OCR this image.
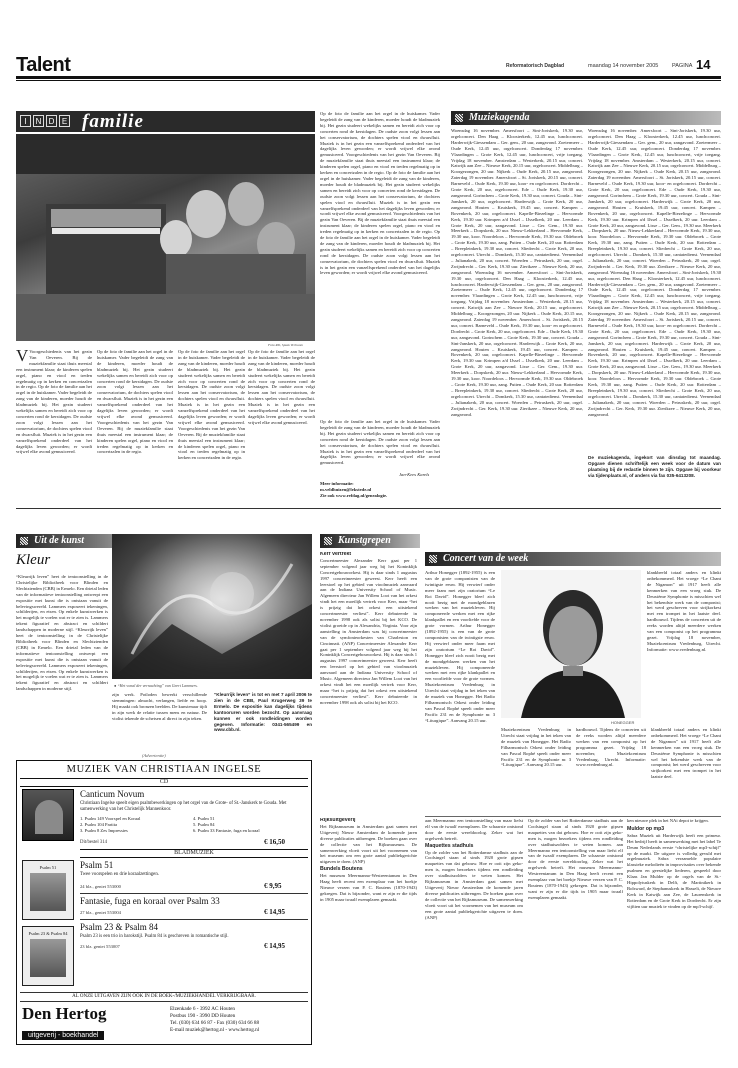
Talent	Reformatorisch Dagblad	maandag 14 november 2005 PAGINA 14
I	N D E familie
Foto RD, Sjaak Verboom
V Voorgeschiedenis van het gezin Van Oeveren. Bij de muziekfamilie staat thuis meestal een instrument klaar; de kinderen spelen orgel, piano en viool en treden regelmatig op in kerken en concertzalen in de regio. Op de foto de familie aan het orgel in de huiskamer. Vader begeleidt de zang van de kinderen, moeder houdt de bladmuziek bij. Het gezin studeert wekelijks samen en bereidt zich voor op concerten rond de kerstdagen. De oudste zoon volgt lessen aan het conservatorium, de dochters spelen viool en dwarsfluit. Muziek is in het gezin een vanzelfsprekend onderdeel van het dagelijks leven geworden; er wordt vrijwel elke avond gemusiceerd.
Op de foto de familie aan het orgel in de huiskamer. Vader begeleidt de zang van de kinderen, moeder houdt de bladmuziek bij. Het gezin studeert wekelijks samen en bereidt zich voor op concerten rond de kerstdagen. De oudste zoon volgt lessen aan het conservatorium, de dochters spelen viool en dwarsfluit. Muziek is in het gezin een vanzelfsprekend onderdeel van het dagelijks leven geworden; er wordt vrijwel elke avond gemusiceerd. Voorgeschiedenis van het gezin Van Oeveren. Bij de muziekfamilie staat thuis meestal een instrument klaar; de kinderen spelen orgel, piano en viool en treden regelmatig op in kerken en concertzalen in de regio.
Op de foto de familie aan het orgel in de huiskamer. Vader begeleidt de zang van de kinderen, moeder houdt de bladmuziek bij. Het gezin studeert wekelijks samen en bereidt zich voor op concerten rond de kerstdagen. De oudste zoon volgt lessen aan het conservatorium, de dochters spelen viool en dwarsfluit. Muziek is in het gezin een vanzelfsprekend onderdeel van het dagelijks leven geworden; er wordt vrijwel elke avond gemusiceerd. Voorgeschiedenis van het gezin Van Oeveren. Bij de muziekfamilie staat thuis meestal een instrument klaar; de kinderen spelen orgel, piano en viool en treden regelmatig op in kerken en concertzalen in de regio.
Op de foto de familie aan het orgel in de huiskamer. Vader begeleidt de zang van de kinderen, moeder houdt de bladmuziek bij. Het gezin studeert wekelijks samen en bereidt zich voor op concerten rond de kerstdagen. De oudste zoon volgt lessen aan het conservatorium, de dochters spelen viool en dwarsfluit. Muziek is in het gezin een vanzelfsprekend onderdeel van het dagelijks leven geworden; er wordt vrijwel elke avond gemusiceerd.
Op de foto de familie aan het orgel in de huiskamer. Vader begeleidt de zang van de kinderen, moeder houdt de bladmuziek bij. Het gezin studeert wekelijks samen en bereidt zich voor op concerten rond de kerstdagen. De oudste zoon volgt lessen aan het conservatorium, de dochters spelen viool en dwarsfluit. Muziek is in het gezin een vanzelfsprekend onderdeel van het dagelijks leven geworden; er wordt vrijwel elke avond gemusiceerd. Voorgeschiedenis van het gezin Van Oeveren. Bij de muziekfamilie staat thuis meestal een instrument klaar; de kinderen spelen orgel, piano en viool en treden regelmatig op in kerken en concertzalen in de regio. Op de foto de familie aan het orgel in de huiskamer. Vader begeleidt de zang van de kinderen, moeder houdt de bladmuziek bij. Het gezin studeert wekelijks samen en bereidt zich voor op concerten rond de kerstdagen. De oudste zoon volgt lessen aan het conservatorium, de dochters spelen viool en dwarsfluit. Muziek is in het gezin een vanzelfsprekend onderdeel van het dagelijks leven geworden; er wordt vrijwel elke avond gemusiceerd. Voorgeschiedenis van het gezin Van Oeveren. Bij de muziekfamilie staat thuis meestal een instrument klaar; de kinderen spelen orgel, piano en viool en treden regelmatig op in kerken en concertzalen in de regio. Op de foto de familie aan het orgel in de huiskamer. Vader begeleidt de zang van de kinderen, moeder houdt de bladmuziek bij. Het gezin studeert wekelijks samen en bereidt zich voor op concerten rond de kerstdagen. De oudste zoon volgt lessen aan het conservatorium, de dochters spelen viool en dwarsfluit. Muziek is in het gezin een vanzelfsprekend onderdeel van het dagelijks leven geworden; er wordt vrijwel elke avond gemusiceerd.
Op de foto de familie aan het orgel in de huiskamer. Vader begeleidt de zang van de kinderen, moeder houdt de bladmuziek bij. Het gezin studeert wekelijks samen en bereidt zich voor op concerten rond de kerstdagen. De oudste zoon volgt lessen aan het conservatorium, de dochters spelen viool en dwarsfluit. Muziek is in het gezin een vanzelfsprekend onderdeel van het dagelijks leven geworden; er wordt vrijwel elke avond gemusiceerd.
Jan-Kees Karels
Meer informatie:
m.veldhuizen@lekstede.nl
Zie ook www.refdag.nl/genealogie.
Muziekagenda
Woensdag 16 november. Amersfoort – Sint-Joriskerk, 19.30 uur, orgelconcert. Den Haag – Kloosterkerk, 12.45 uur, lunchconcert. Harderwijk-Giessendam – Ger. gem., 20 uur, zangavond. Zoetermeer – Oude Kerk, 12.45 uur, orgelconcert. Donderdag 17 november. Vlaardingen – Grote Kerk, 12.45 uur, lunchconcert, vrije toegang. Vrijdag 18 november. Amsterdam – Westerkerk, 20.15 uur, concert. Katwijk aan Zee – Nieuwe Kerk, 20.15 uur, orgelconcert. Middelburg – Koorgezongen, 20 uur. Nijkerk – Oude Kerk, 20.15 uur, zangavond. Zaterdag 19 november. Amersfoort – St. Joriskerk, 20.15 uur, concert. Barneveld – Oude Kerk, 19.30 uur, koor- en orgelconcert. Dordrecht – Grote Kerk, 20 uur, orgelconcert. Ede – Oude Kerk, 19.30 uur, zangavond. Gorinchem – Grote Kerk, 19.30 uur, concert. Gouda – Sint-Janskerk, 20 uur, orgelconcert. Harderwijk – Grote Kerk, 20 uur, zangavond. Houten – Kruiskerk, 19.45 uur, concert. Kampen – Bovenkerk, 20 uur, orgelconcert. Kapelle-Biezelinge – Hervormde Kerk, 19.30 uur. Krimpen a/d IJssel – IJsselkerk, 20 uur. Leerdam – Grote Kerk, 20 uur, zangavond. Lisse – Ger. Gem., 19.30 uur. Meerkerk – Dorpskerk, 20 uur. Nieuw-Lekkerland – Hervormde Kerk, 19.30 uur, koor. Noordeloos – Hervormde Kerk, 19.30 uur. Oldebroek – Grote Kerk, 19.30 uur, zang. Putten – Oude Kerk, 20 uur. Rotterdam – Breepleinkerk, 19.30 uur, concert. Sliedrecht – Grote Kerk, 20 uur, orgelconcert. Utrecht – Domkerk, 15.30 uur, cantatedienst. Veenendaal – Julianakerk, 20 uur, concert. Woerden – Petruskerk, 20 uur, orgel. Zwijndrecht – Ger. Kerk, 19.30 uur. Zierikzee – Nieuwe Kerk, 20 uur, zangavond. Woensdag 16 november. Amersfoort – Sint-Joriskerk, 19.30 uur, orgelconcert. Den Haag – Kloosterkerk, 12.45 uur, lunchconcert. Harderwijk-Giessendam – Ger. gem., 20 uur, zangavond. Zoetermeer – Oude Kerk, 12.45 uur, orgelconcert. Donderdag 17 november. Vlaardingen – Grote Kerk, 12.45 uur, lunchconcert, vrije toegang. Vrijdag 18 november. Amsterdam – Westerkerk, 20.15 uur, concert. Katwijk aan Zee – Nieuwe Kerk, 20.15 uur, orgelconcert. Middelburg – Koorgezongen, 20 uur. Nijkerk – Oude Kerk, 20.15 uur, zangavond. Zaterdag 19 november. Amersfoort – St. Joriskerk, 20.15 uur, concert. Barneveld – Oude Kerk, 19.30 uur, koor- en orgelconcert. Dordrecht – Grote Kerk, 20 uur, orgelconcert. Ede – Oude Kerk, 19.30 uur, zangavond. Gorinchem – Grote Kerk, 19.30 uur, concert. Gouda – Sint-Janskerk, 20 uur, orgelconcert. Harderwijk – Grote Kerk, 20 uur, zangavond. Houten – Kruiskerk, 19.45 uur, concert. Kampen – Bovenkerk, 20 uur, orgelconcert. Kapelle-Biezelinge – Hervormde Kerk, 19.30 uur. Krimpen a/d IJssel – IJsselkerk, 20 uur. Leerdam – Grote Kerk, 20 uur, zangavond. Lisse – Ger. Gem., 19.30 uur. Meerkerk – Dorpskerk, 20 uur. Nieuw-Lekkerland – Hervormde Kerk, 19.30 uur, koor. Noordeloos – Hervormde Kerk, 19.30 uur. Oldebroek – Grote Kerk, 19.30 uur, zang. Putten – Oude Kerk, 20 uur. Rotterdam – Breepleinkerk, 19.30 uur, concert. Sliedrecht – Grote Kerk, 20 uur, orgelconcert. Utrecht – Domkerk, 15.30 uur, cantatedienst. Veenendaal – Julianakerk, 20 uur, concert. Woerden – Petruskerk, 20 uur, orgel. Zwijndrecht – Ger. Kerk, 19.30 uur. Zierikzee – Nieuwe Kerk, 20 uur, zangavond.
Woensdag 16 november. Amersfoort – Sint-Joriskerk, 19.30 uur, orgelconcert. Den Haag – Kloosterkerk, 12.45 uur, lunchconcert. Harderwijk-Giessendam – Ger. gem., 20 uur, zangavond. Zoetermeer – Oude Kerk, 12.45 uur, orgelconcert. Donderdag 17 november. Vlaardingen – Grote Kerk, 12.45 uur, lunchconcert, vrije toegang. Vrijdag 18 november. Amsterdam – Westerkerk, 20.15 uur, concert. Katwijk aan Zee – Nieuwe Kerk, 20.15 uur, orgelconcert. Middelburg – Koorgezongen, 20 uur. Nijkerk – Oude Kerk, 20.15 uur, zangavond. Zaterdag 19 november. Amersfoort – St. Joriskerk, 20.15 uur, concert. Barneveld – Oude Kerk, 19.30 uur, koor- en orgelconcert. Dordrecht – Grote Kerk, 20 uur, orgelconcert. Ede – Oude Kerk, 19.30 uur, zangavond. Gorinchem – Grote Kerk, 19.30 uur, concert. Gouda – Sint-Janskerk, 20 uur, orgelconcert. Harderwijk – Grote Kerk, 20 uur, zangavond. Houten – Kruiskerk, 19.45 uur, concert. Kampen – Bovenkerk, 20 uur, orgelconcert. Kapelle-Biezelinge – Hervormde Kerk, 19.30 uur. Krimpen a/d IJssel – IJsselkerk, 20 uur. Leerdam – Grote Kerk, 20 uur, zangavond. Lisse – Ger. Gem., 19.30 uur. Meerkerk – Dorpskerk, 20 uur. Nieuw-Lekkerland – Hervormde Kerk, 19.30 uur, koor. Noordeloos – Hervormde Kerk, 19.30 uur. Oldebroek – Grote Kerk, 19.30 uur, zang. Putten – Oude Kerk, 20 uur. Rotterdam – Breepleinkerk, 19.30 uur, concert. Sliedrecht – Grote Kerk, 20 uur, orgelconcert. Utrecht – Domkerk, 15.30 uur, cantatedienst. Veenendaal – Julianakerk, 20 uur, concert. Woerden – Petruskerk, 20 uur, orgel. Zwijndrecht – Ger. Kerk, 19.30 uur. Zierikzee – Nieuwe Kerk, 20 uur, zangavond. Woensdag 16 november. Amersfoort – Sint-Joriskerk, 19.30 uur, orgelconcert. Den Haag – Kloosterkerk, 12.45 uur, lunchconcert. Harderwijk-Giessendam – Ger. gem., 20 uur, zangavond. Zoetermeer – Oude Kerk, 12.45 uur, orgelconcert. Donderdag 17 november. Vlaardingen – Grote Kerk, 12.45 uur, lunchconcert, vrije toegang. Vrijdag 18 november. Amsterdam – Westerkerk, 20.15 uur, concert. Katwijk aan Zee – Nieuwe Kerk, 20.15 uur, orgelconcert. Middelburg – Koorgezongen, 20 uur. Nijkerk – Oude Kerk, 20.15 uur, zangavond. Zaterdag 19 november. Amersfoort – St. Joriskerk, 20.15 uur, concert. Barneveld – Oude Kerk, 19.30 uur, koor- en orgelconcert. Dordrecht – Grote Kerk, 20 uur, orgelconcert. Ede – Oude Kerk, 19.30 uur, zangavond. Gorinchem – Grote Kerk, 19.30 uur, concert. Gouda – Sint-Janskerk, 20 uur, orgelconcert. Harderwijk – Grote Kerk, 20 uur, zangavond. Houten – Kruiskerk, 19.45 uur, concert. Kampen – Bovenkerk, 20 uur, orgelconcert. Kapelle-Biezelinge – Hervormde Kerk, 19.30 uur. Krimpen a/d IJssel – IJsselkerk, 20 uur. Leerdam – Grote Kerk, 20 uur, zangavond. Lisse – Ger. Gem., 19.30 uur. Meerkerk – Dorpskerk, 20 uur. Nieuw-Lekkerland – Hervormde Kerk, 19.30 uur, koor. Noordeloos – Hervormde Kerk, 19.30 uur. Oldebroek – Grote Kerk, 19.30 uur, zang. Putten – Oude Kerk, 20 uur. Rotterdam – Breepleinkerk, 19.30 uur, concert. Sliedrecht – Grote Kerk, 20 uur, orgelconcert. Utrecht – Domkerk, 15.30 uur, cantatedienst. Veenendaal – Julianakerk, 20 uur, concert. Woerden – Petruskerk, 20 uur, orgel. Zwijndrecht – Ger. Kerk, 19.30 uur. Zierikzee – Nieuwe Kerk, 20 uur, zangavond.
De muziekagenda, ingekort van dinsdag tot maandag. Opgave dienen schriftelijk een week voor de datum van plaatsing bij de redactie binnen te zijn. Opgave bij voorkeur via tijdenplaats.nl, of anders via fax 035-6413208.
Uit de kunst
Kleur
“Kleurrijk leven” heet de tentoonstelling in de Christelijke Bibliotheek voor Blinden en Slechtzienden (CBB) in Ermelo. Een drietal leden van de informatieve tentoonstelling ontwerpt een expositie met kunst die is ontstaan vanuit de belevingswereld. Lammers exposeert tekeningen, schilderijen, en etsen. Op enkele kunstwerken is het mogelijk te voelen wat er te zien is. Lammers tekent figuratief en abstract en schildert landschappen in moderne stijl. “Kleurrijk leven” heet de tentoonstelling in de Christelijke Bibliotheek voor Blinden en Slechtzienden (CBB) in Ermelo. Een drietal leden van de informatieve tentoonstelling ontwerpt een expositie met kunst die is ontstaan vanuit de belevingswereld. Lammers exposeert tekeningen, schilderijen, en etsen. Op enkele kunstwerken is het mogelijk te voelen wat er te zien is. Lammers tekent figuratief en abstract en schildert landschappen in moderne stijl.
● “Het vonal der vernachting” van Geert Lammers.
zijn werk. Potloden bewerkt verschillende stemmingen: almacht, verlangen, liefde en hoop. Hij maakt ook bronzen beelden. De kunstenaar tijdt in zijn werk de relatie tussen mens en natuur. De violist tekende de schetsen al direct in zijn teken.
“Kleurrijk leven” is tot en met 7 april 2006 te zien in de CBB, Paul Krugerweg 39 te Ermelo. De expositie kan dagelijks tijdens kantooruren worden bezocht. Op aanvraag kunnen er ook rondleidingen worden gegeven. Informatie: 0341-565499 en www.cbb.nl.
Kunstgrepen
Kerr vertrekt
Concertmeester Alexander Kerr gaat per 1 september volgend jaar weg bij het Koninklijk Concertgebouworkest. Hij is daar sinds 1 augustus 1997 concertmeester geweest. Kerr heeft een leerstoel op het gebied van vioolmuziek aanvaard aan de Indiana University School of Music. Algemeen directeur Jan Willem Loot van het orkest vindt het een moeilijk vertrek voor Kerr, maar “het is prijzig dat het orkest een uitstekend concertmeester verliest”. Kerr debuteerde in november 1998 ook als solist bij het KCO. De violist groeide op in Alexandria, Virginia. Voor zijn aanstelling in Amsterdam was hij concertmeester van de symfonieorkesten van Charleston en Cincinnati. (ANP) Concertmeester Alexander Kerr gaat per 1 september volgend jaar weg bij het Koninklijk Concertgebouworkest. Hij is daar sinds 1 augustus 1997 concertmeester geweest. Kerr heeft een leerstoel op het gebied van vioolmuziek aanvaard aan de Indiana University School of Music. Algemeen directeur Jan Willem Loot van het orkest vindt het een moeilijk vertrek voor Kerr, maar “het is prijzig dat het orkest een uitstekend concertmeester verliest”. Kerr debuteerde in november 1998 ook als solist bij het KCO.
Concert van de week
Arthur Honegger (1892-1955) is een van de grote componisten van de twintigste eeuw. Hij verwierf onder meer faam met zijn oratorium “Le Roi David”. Honegger bleef zich nooit bezig met de mondgeblazen werken van het muziekleven. Hij componeerde werken met een rijke klankpallet en een voorliefde voor de grote vormen. Arthur Honegger (1892-1955) is een van de grote componisten van de twintigste eeuw. Hij verwierf onder meer faam met zijn oratorium “Le Roi David”. Honegger bleef zich nooit bezig met de mondgeblazen werken van het muziekleven. Hij componeerde werken met een rijke klankpallet en een voorliefde voor de grote vormen. Muziekcentrum Vredenburg in Utrecht staat vrijdag in het teken van de muziek van Honegger. Het Radio Filharmonisch Orkest onder leiding van Pascal Rophé speelt onder meer Pacific 231 en de Symphonie nr. 3 “Liturgique”. Aanvang 20.15 uur.	HONEGGER
klankbeeld totaal anders en klinkt onbekommerd. Het vroege “Le Chant de Nigamon” uit 1917 heeft alle kenmerken van een vroeg stuk. De Deuxième Symphonie is misschien wel het bekendste werk van de componist; het werd geschreven voor strijkorkest met een trompet in het laatste deel. hardhouwd. Tijdens de concerten uit de reeks worden altijd meerdere werken van een componist op het programma gezet. Vrijdag 18 november, Muziekcentrum Vredenburg, Utrecht. Informatie: www.vredenburg.nl.
Muziekcentrum Vredenburg in Utrecht staat vrijdag in het teken van de muziek van Honegger. Het Radio Filharmonisch Orkest onder leiding van Pascal Rophé speelt onder meer Pacific 231 en de Symphonie nr. 3 “Liturgique”. Aanvang 20.15 uur.
hardhouwd. Tijdens de concerten uit de reeks worden altijd meerdere werken van een componist op het programma gezet. Vrijdag 18 november, Muziekcentrum Vredenburg, Utrecht. Informatie: www.vredenburg.nl.
klankbeeld totaal anders en klinkt onbekommerd. Het vroege “Le Chant de Nigamon” uit 1917 heeft alle kenmerken van een vroeg stuk. De Deuxième Symphonie is misschien wel het bekendste werk van de componist; het werd geschreven voor strijkorkest met een trompet in het laatste deel.
Rijksuitgeverij
Het Rijksmuseum in Amsterdam gaat samen met Uitgeverij Nieuw Amsterdam de komende jaren diverse publicaties uitbrengen. De boeken gaan over de collectie van het Rijksmuseum. De samenwerking vloeit voort uit het voornemen van het museum om een grote aantal publiekgerichte uitgaven te doen. (ANP)
Bundels Boutens
Het museum Meermanno-Westreenianum in Den Haag heeft recent een exemplaar van het boekje Nieuwe verzen van P. C. Boutens (1870-1943) gekregen. Dat is bijzonder, want er zijn er die tijds in 1905 maar twaalf exemplaren gemaakt.
aan Meermanno een tentoonstelling van maar liefst elf van de twaalf exemplaren. De schaarste ontstond door de eerste wereldoorlog. Zeker wat het orgelwerk betreft.
Maquettes stadhuis
Op de zolder van het Rotterdamse stadhuis aan de Coolsingel staan al sinds 1920 grote gipsen maquettes van dat gebouw. Hoe er ooit zijn geko-men is, mogen bezoekers tijdens een rondleiding over stadhuiszolders te weten komen. Het Rijksmuseum in Amsterdam gaat samen met Uitgeverij Nieuw Amsterdam de komende jaren diverse publicaties uitbrengen. De boeken gaan over de collectie van het Rijksmuseum. De samenwerking vloeit voort uit het voornemen van het museum om een grote aantal publiekgerichte uitgaven te doen. (ANP)
Op de zolder van het Rotterdamse stadhuis aan de Coolsingel staan al sinds 1920 grote gipsen maquettes van dat gebouw. Hoe er ooit zijn geko-men is, mogen bezoekers tijdens een rondleiding over stadhuiszolders te weten komen. aan Meermanno een tentoonstelling van maar liefst elf van de twaalf exemplaren. De schaarste ontstond door de eerste wereldoorlog. Zeker wat het orgelwerk betreft. Het museum Meermanno-Westreenianum in Den Haag heeft recent een exemplaar van het boekje Nieuwe verzen van P. C. Boutens (1870-1943) gekregen. Dat is bijzonder, want er zijn er die tijds in 1905 maar twaalf exemplaren gemaakt.
ken nieuwe plek in het NAi depot te krijgen.
Muldor op mp3
Sabra Muziek uit Harderwijk heeft een primeur. Het bedrijf heeft in samenwerking met het label Te Deum Nederlands eerste “christelijke mp3-schijf” op de markt. De uitgave is volledig gevuld met orgelmuziek. Sabra verzamelde populaire klassieke melodieën in improvisaties over bekende psalmen en geestelijke liederen, gespeeld door Klaas Jan Mulder op de orgels van de St.-Hippolytuskerk in Delft, de Martinikerk in Bolsward, de Stephanuskerk in Hasselt, de Nieuwe Kerk in Katwijk aan Zee, de Laurenskerk in Rotterdam en de Grote Kerk in Dordrecht. Er zijn vijftien uur muziek te vinden op de mp3-schijf.
(Advertentie)
MUZIEK VAN CHRISTIAAN INGELSE
CD
Canticum Novum
Christiaan Ingelse speelt eigen psalmbewerkingen op het orgel van de Grote- of St.-Janskerk te Gouda. Met samenwerking van het Christelijk Mannenkoor.
1. Psalm 149 Voorspel en Koraal	4. Psalm 51
2. Psalm 104 Partita	5. Psalm 84
3. Psalm 8 Zes Impressies	6. Psalm 33 Fantasie, fuga en koraal
Dit/bestel 314	€ 16,50
BLADMUZIEK
Psalm 51
Psalm 23 & Psalm 84
Psalm 51
Twee voorspelen en drie koraalzettingen.
24 blz., geniet 553000	€ 9,95
Fantasie, fuga en koraal over Psalm 33
27 blz., geniet 553004	€ 14,95
Psalm 23 & Psalm 84
Psalm 23 is een trio in barokstijl. Psalm 84 is geschreven in romantische stijl.
23 blz. geniet 553007	€ 14,95
AL ONZE UITGAVEN ZIJN OOK IN DE BOEK-/MUZIEKHANDEL VERKRIJGBAAR.
Den Hertog
uitgeverij - boekhandel
Elzenkade 6 - 3992 AC Houten
Postbus 190 - 3990 DD Houten
Tel. (030) 634 66 87 - Fax (030) 634 66 88
E-mail muziek@hertog.nl - www.hertog.nl
